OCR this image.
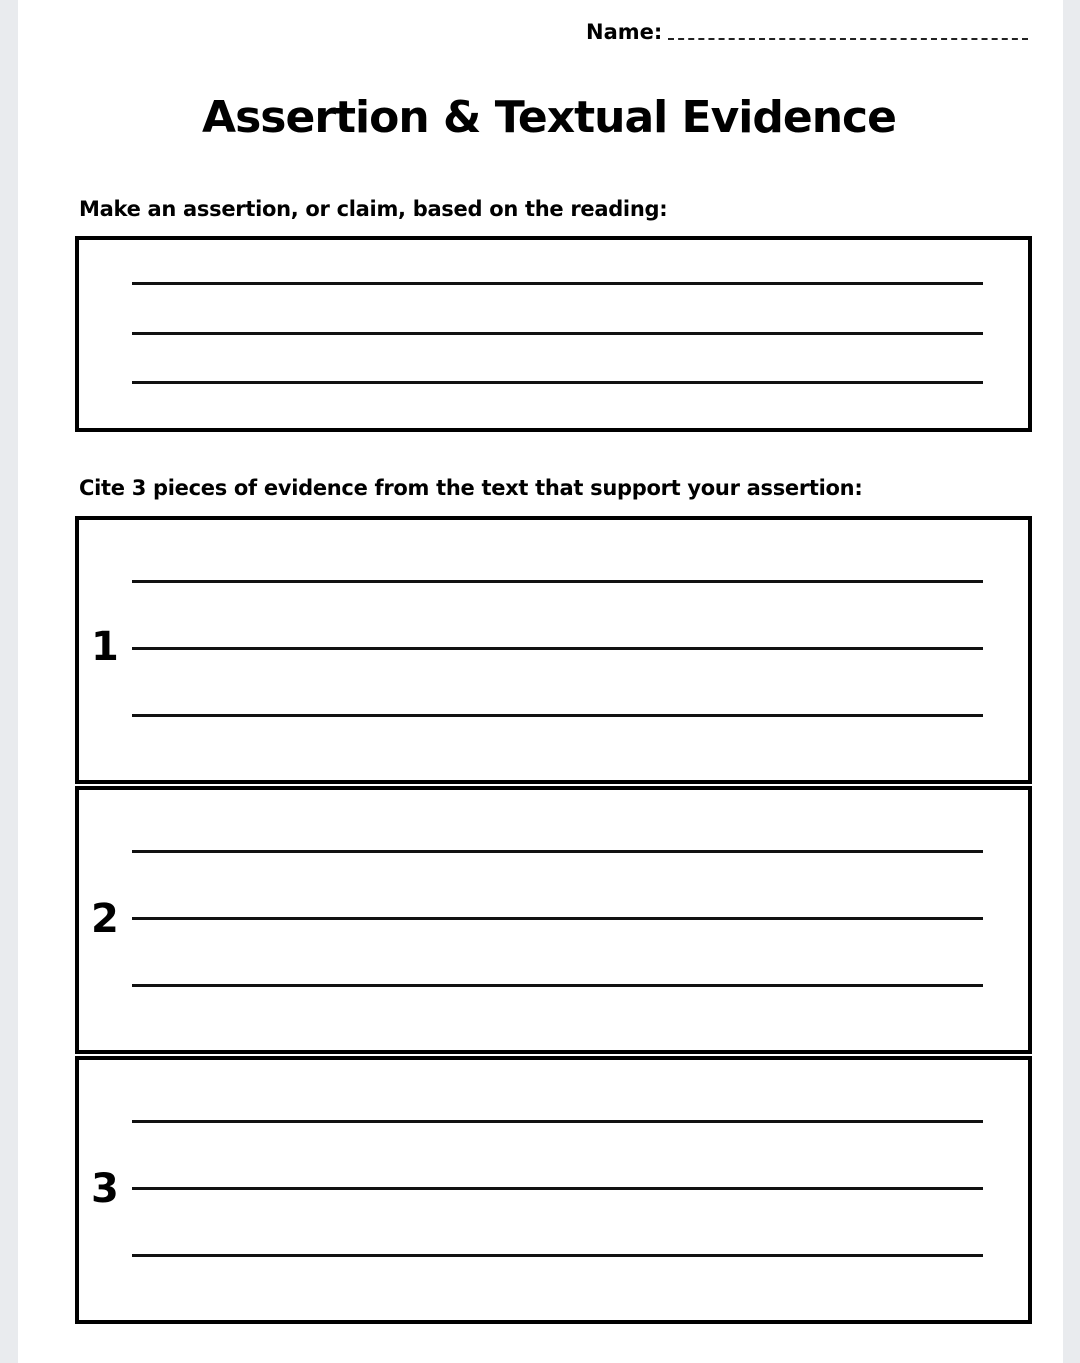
Name:
Assertion & Textual Evidence
Make an assertion, or claim, based on the reading:
Cite 3 pieces of evidence from the text that support your assertion:
1
2
3
